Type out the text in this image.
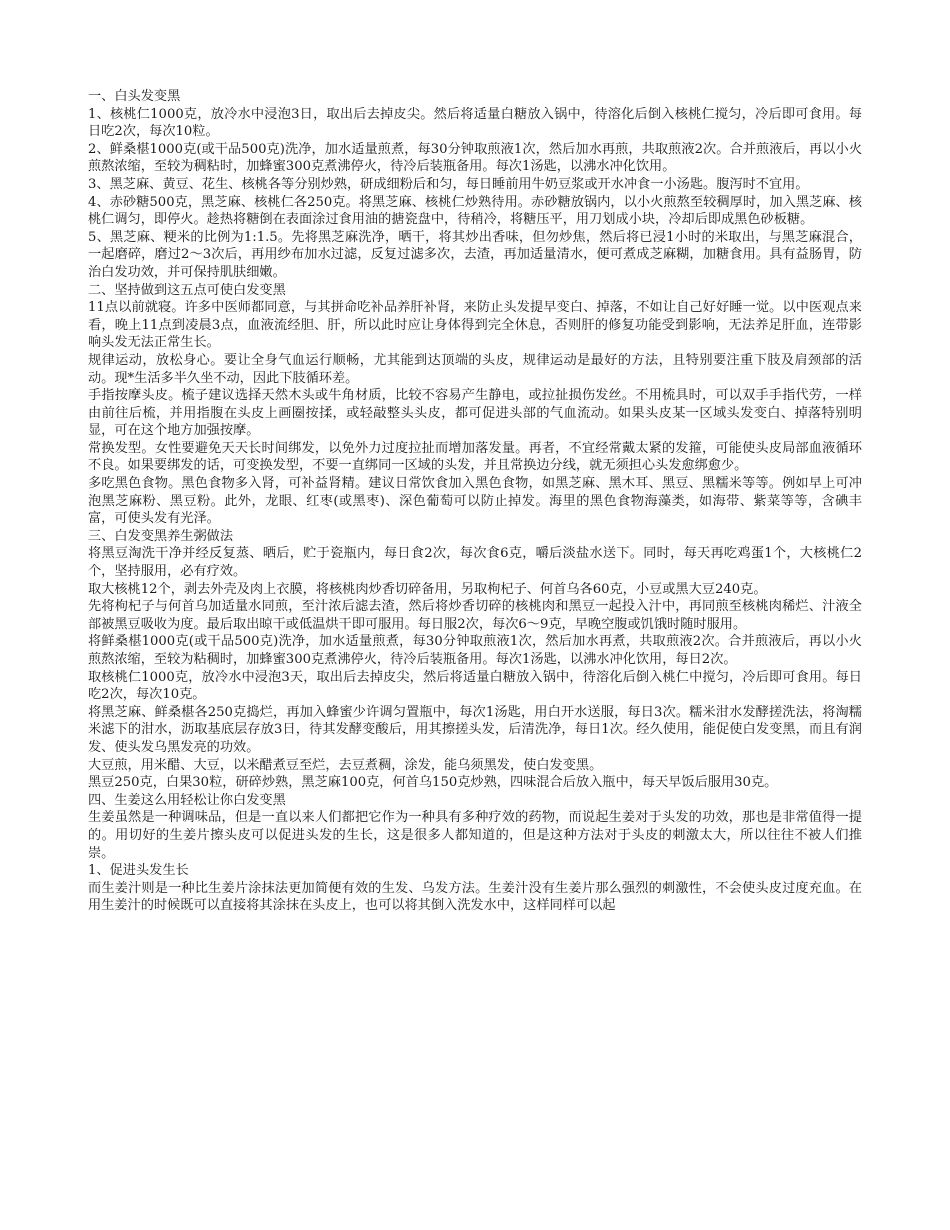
一、白头发变黑

1、核桃仁1000克，放冷水中浸泡3日，取出后去掉皮尖。然后将适量白糖放入锅中，待溶化后倒入核桃仁搅匀，冷后即可食用。每日吃2次，每次10粒。

2、鲜桑椹1000克(或干品500克)洗净，加水适量煎煮，每30分钟取煎液1次，然后加水再煎，共取煎液2次。合并煎液后，再以小火煎熬浓缩，至较为稠粘时，加蜂蜜300克煮沸停火，待冷后装瓶备用。每次1汤匙，以沸水冲化饮用。

3、黑芝麻、黄豆、花生、核桃各等分别炒熟，研成细粉后和匀，每日睡前用牛奶豆浆或开水冲食一小汤匙。腹泻时不宜用。

4、赤砂糖500克，黑芝麻、核桃仁各250克。将黑芝麻、核桃仁炒熟待用。赤砂糖放锅内，以小火煎熬至较稠厚时，加入黑芝麻、核桃仁调匀，即停火。趁热将糖倒在表面涂过食用油的搪瓷盘中，待稍冷，将糖压平，用刀划成小块，冷却后即成黑色砂板糖。

5、黑芝麻、粳米的比例为1:1.5。先将黑芝麻洗净，晒干，将其炒出香味，但勿炒焦，然后将已浸1小时的米取出，与黑芝麻混合，一起磨碎，磨过2～3次后，再用纱布加水过滤，反复过滤多次，去渣，再加适量清水，便可煮成芝麻糊，加糖食用。具有益肠胃，防治白发功效，并可保持肌肤细嫩。

二、坚持做到这五点可使白发变黑

11点以前就寝。许多中医师都同意，与其拼命吃补品养肝补肾，来防止头发提早变白、掉落，不如让自己好好睡一觉。以中医观点来看，晚上11点到凌晨3点，血液流经胆、肝，所以此时应让身体得到完全休息，否则肝的修复功能受到影响，无法养足肝血，连带影响头发无法正常生长。

规律运动，放松身心。要让全身气血运行顺畅，尤其能到达顶端的头皮，规律运动是最好的方法，且特别要注重下肢及肩颈部的活动。现*生活多半久坐不动，因此下肢循环差。

手指按摩头皮。梳子建议选择天然木头或牛角材质，比较不容易产生静电，或拉扯损伤发丝。不用梳具时，可以双手手指代劳，一样由前往后梳，并用指腹在头皮上画圈按揉，或轻敲整头头皮，都可促进头部的气血流动。如果头皮某一区域头发变白、掉落特别明显，可在这个地方加强按摩。

常换发型。女性要避免天天长时间绑发，以免外力过度拉扯而增加落发量。再者，不宜经常戴太紧的发箍，可能使头皮局部血液循环不良。如果要绑发的话，可变换发型，不要一直绑同一区域的头发，并且常换边分线，就无须担心头发愈绑愈少。

多吃黑色食物。黑色食物多入肾，可补益肾精。建议日常饮食加入黑色食物，如黑芝麻、黑木耳、黑豆、黑糯米等等。例如早上可冲泡黑芝麻粉、黑豆粉。此外，龙眼、红枣(或黑枣)、深色葡萄可以防止掉发。海里的黑色食物海藻类，如海带、紫菜等等，含碘丰富，可使头发有光泽。

三、白发变黑养生粥做法

将黑豆淘洗干净并经反复蒸、晒后，贮于瓷瓶内，每日食2次，每次食6克，嚼后淡盐水送下。同时，每天再吃鸡蛋1个，大核桃仁2个，坚持服用，必有疗效。

取大核桃12个，剥去外壳及肉上衣膜，将核桃肉炒香切碎备用，另取枸杞子、何首乌各60克，小豆或黑大豆240克。

先将枸杞子与何首乌加适量水同煎，至汁浓后滤去渣，然后将炒香切碎的核桃肉和黑豆一起投入汁中，再同煎至核桃肉稀烂、汁液全部被黑豆吸收为度。最后取出晾干或低温烘干即可服用。每日服2次，每次6～9克，早晚空腹或饥饿时随时服用。

将鲜桑椹1000克(或干品500克)洗净，加水适量煎煮，每30分钟取煎液1次，然后加水再煮，共取煎液2次。合并煎液后，再以小火煎熬浓缩，至较为粘稠时，加蜂蜜300克煮沸停火，待冷后装瓶备用。每次1汤匙，以沸水冲化饮用，每日2次。

取核桃仁1000克，放冷水中浸泡3天，取出后去掉皮尖，然后将适量白糖放入锅中，待溶化后倒入桃仁中搅匀，冷后即可食用。每日吃2次，每次10克。

将黑芝麻、鲜桑椹各250克捣烂，再加入蜂蜜少许调匀置瓶中，每次1汤匙，用白开水送服，每日3次。糯米泔水发酵搓洗法，将淘糯米滤下的泔水，沥取基底层存放3日，待其发酵变酸后，用其擦搓头发，后清洗净，每日1次。经久使用，能促使白发变黑，而且有润发、使头发乌黑发亮的功效。

大豆煎，用米醋、大豆，以米醋煮豆至烂，去豆煮稠，涂发，能乌须黑发，使白发变黑。

黑豆250克，白果30粒，研碎炒熟，黑芝麻100克，何首乌150克炒熟，四味混合后放入瓶中，每天早饭后服用30克。

四、生姜这么用轻松让你白发变黑

生姜虽然是一种调味品，但是一直以来人们都把它作为一种具有多种疗效的药物，而说起生姜对于头发的功效，那也是非常值得一提的。用切好的生姜片擦头皮可以促进头发的生长，这是很多人都知道的，但是这种方法对于头皮的刺激太大，所以往往不被人们推崇。

1、促进头发生长

而生姜汁则是一种比生姜片涂抹法更加简便有效的生发、乌发方法。生姜汁没有生姜片那么强烈的刺激性，不会使头皮过度充血。在用生姜汁的时候既可以直接将其涂抹在头皮上，也可以将其倒入洗发水中，这样同样可以起
